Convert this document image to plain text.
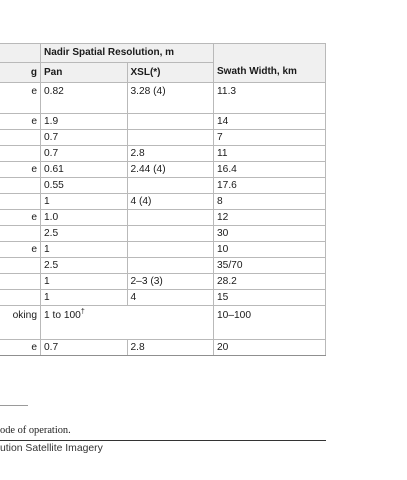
	Nadir Spatial Resolution, m		Swath Width, km
g	Pan	XSL(*)	
e	0.82	3.28 (4)	11.3
e	1.9		14
	0.7		7
	0.7	2.8	11
e	0.61	2.44 (4)	16.4
	0.55		17.6
	1	4 (4)	8
e	1.0		12
	2.5		30
e	1		10
	2.5		35/70
	1	2–3 (3)	28.2
	1	4	15
oking	1 to 100†		10–100
e	0.7	2.8	20
ode of operation.
ution Satellite Imagery
